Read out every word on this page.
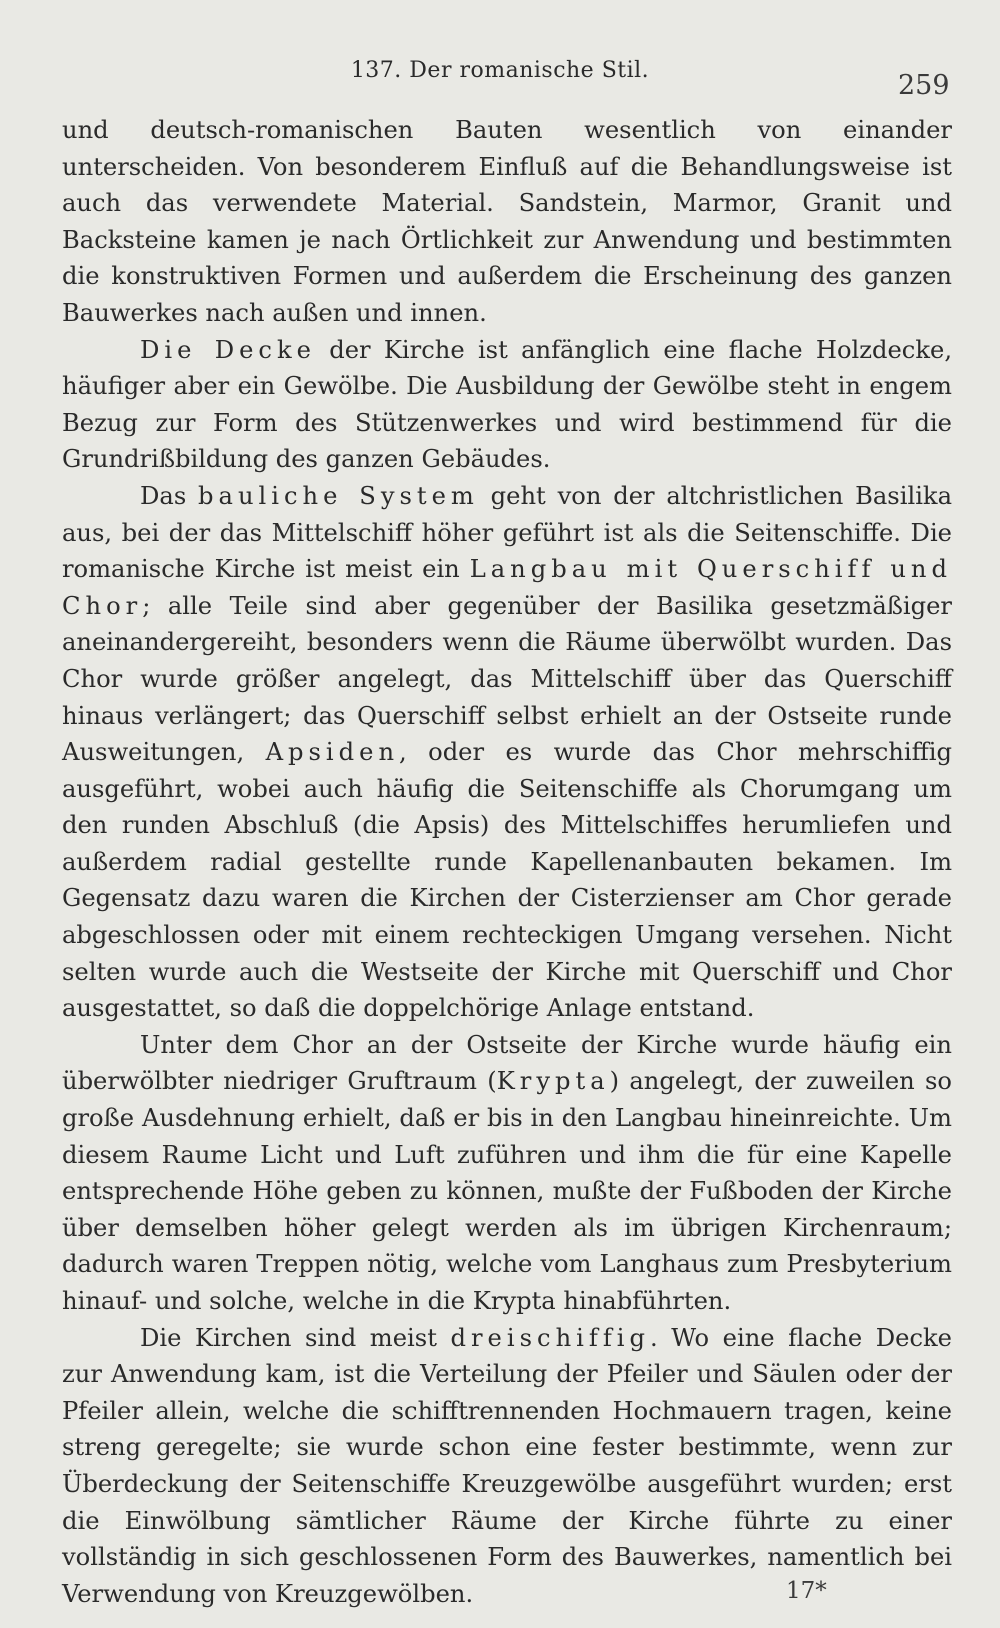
137. Der romanische Stil.	259

und deutsch-romanischen Bauten wesentlich von einander unterscheiden. Von besonderem Einfluß auf die Behandlungsweise ist auch das verwendete Material. Sandstein, Marmor, Granit und Backsteine kamen je nach Örtlichkeit zur Anwendung und bestimmten die konstruktiven Formen und außerdem die Erscheinung des ganzen Bauwerkes nach außen und innen.

Die Decke der Kirche ist anfänglich eine flache Holzdecke, häufiger aber ein Gewölbe. Die Ausbildung der Gewölbe steht in engem Bezug zur Form des Stützenwerkes und wird bestimmend für die Grundrißbildung des ganzen Gebäudes.

Das bauliche System geht von der altchristlichen Basilika aus, bei der das Mittelschiff höher geführt ist als die Seitenschiffe. Die romanische Kirche ist meist ein Langbau mit Querschiff und Chor; alle Teile sind aber gegenüber der Basilika gesetzmäßiger aneinandergereiht, besonders wenn die Räume überwölbt wurden. Das Chor wurde größer angelegt, das Mittelschiff über das Querschiff hinaus verlängert; das Querschiff selbst erhielt an der Ostseite runde Ausweitungen, Apsiden, oder es wurde das Chor mehrschiffig ausgeführt, wobei auch häufig die Seitenschiffe als Chorumgang um den runden Abschluß (die Apsis) des Mittelschiffes herumliefen und außerdem radial gestellte runde Kapellenanbauten bekamen. Im Gegensatz dazu waren die Kirchen der Cisterzienser am Chor gerade abgeschlossen oder mit einem rechteckigen Umgang versehen. Nicht selten wurde auch die Westseite der Kirche mit Querschiff und Chor ausgestattet, so daß die doppelchörige Anlage entstand.

Unter dem Chor an der Ostseite der Kirche wurde häufig ein überwölbter niedriger Gruftraum (Krypta) angelegt, der zuweilen so große Ausdehnung erhielt, daß er bis in den Langbau hineinreichte. Um diesem Raume Licht und Luft zuführen und ihm die für eine Kapelle entsprechende Höhe geben zu können, mußte der Fußboden der Kirche über demselben höher gelegt werden als im übrigen Kirchenraum; dadurch waren Treppen nötig, welche vom Langhaus zum Presbyterium hinauf- und solche, welche in die Krypta hinabführten.

Die Kirchen sind meist dreischiffig. Wo eine flache Decke zur Anwendung kam, ist die Verteilung der Pfeiler und Säulen oder der Pfeiler allein, welche die schifftrennenden Hochmauern tragen, keine streng geregelte; sie wurde schon eine fester bestimmte, wenn zur Überdeckung der Seitenschiffe Kreuzgewölbe ausgeführt wurden; erst die Einwölbung sämtlicher Räume der Kirche führte zu einer vollständig in sich geschlossenen Form des Bauwerkes, namentlich bei Verwendung von Kreuzgewölben.	17*
